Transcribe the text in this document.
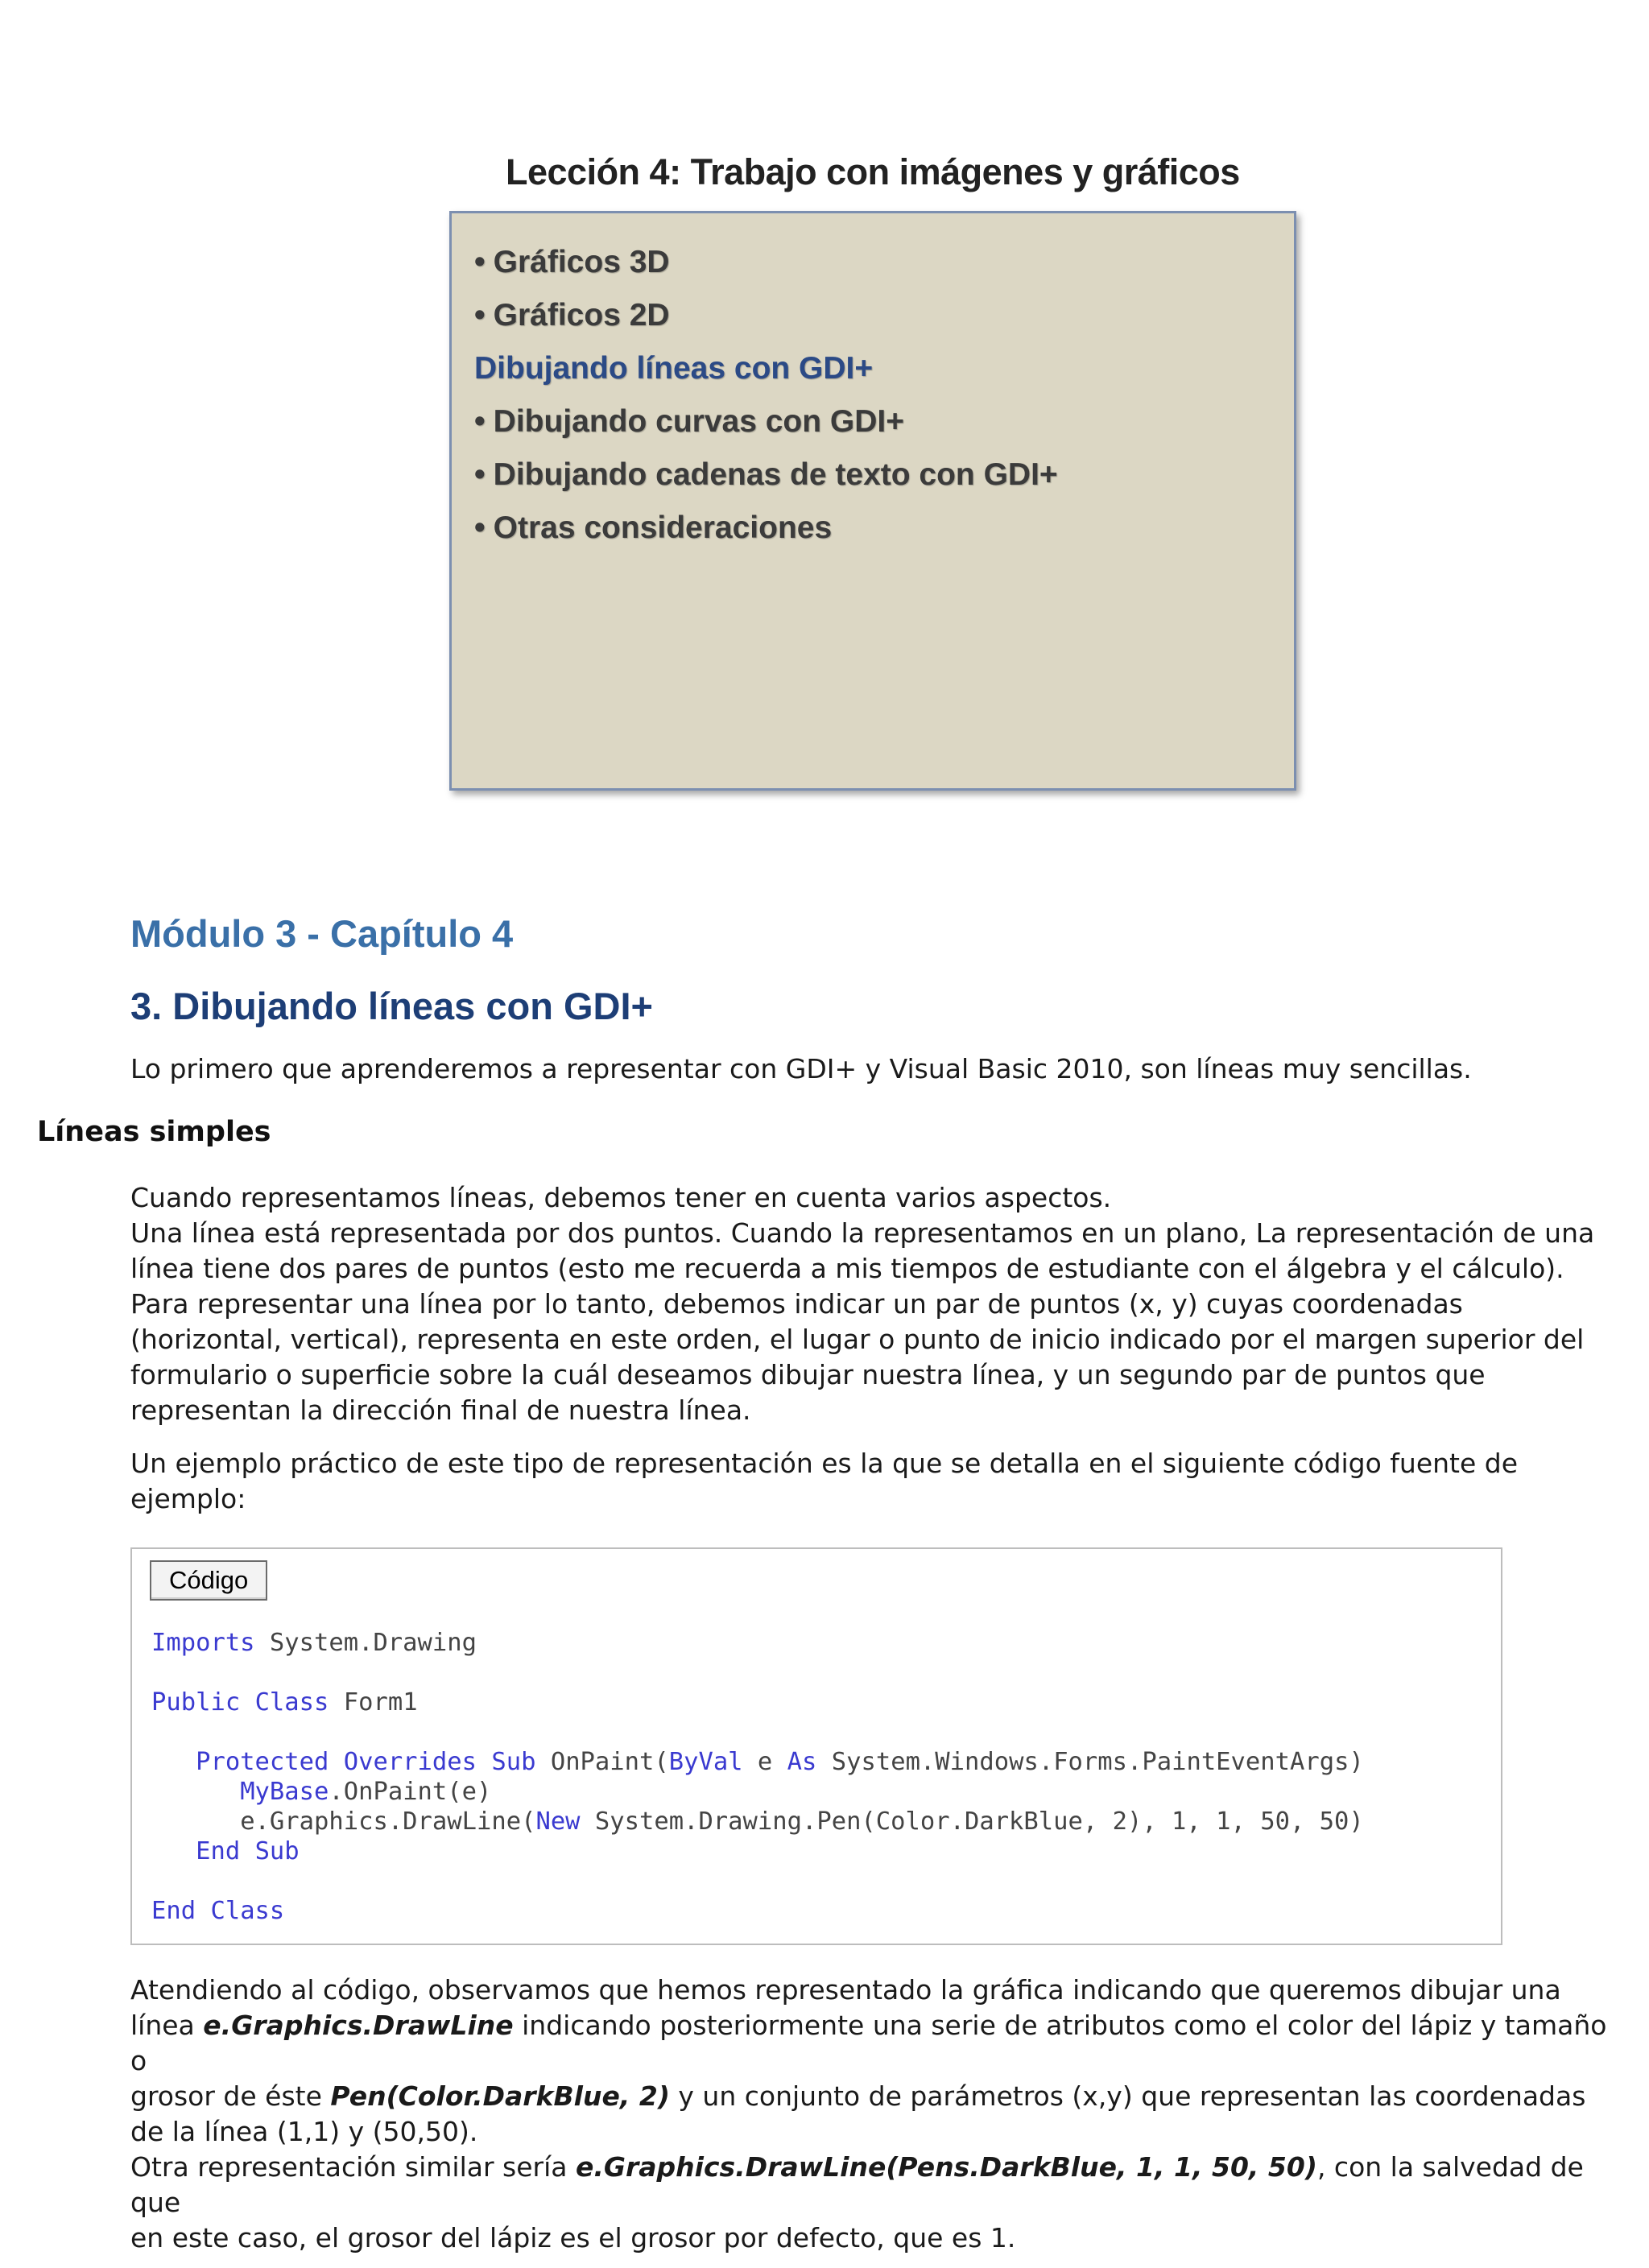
Lección 4: Trabajo con imágenes y gráficos
• Gráficos 3D
• Gráficos 2D
Dibujando líneas con GDI+
• Dibujando curvas con GDI+
• Dibujando cadenas de texto con GDI+
• Otras consideraciones
Módulo 3 - Capítulo 4
3. Dibujando líneas con GDI+

Lo primero que aprenderemos a representar con GDI+ y Visual Basic 2010, son líneas muy sencillas.

Líneas simples
Cuando representamos líneas, debemos tener en cuenta varios aspectos.
Una línea está representada por dos puntos. Cuando la representamos en un plano, La representación de una
línea tiene dos pares de puntos (esto me recuerda a mis tiempos de estudiante con el álgebra y el cálculo).
Para representar una línea por lo tanto, debemos indicar un par de puntos (x, y) cuyas coordenadas
(horizontal, vertical), representa en este orden, el lugar o punto de inicio indicado por el margen superior del
formulario o superficie sobre la cuál deseamos dibujar nuestra línea, y un segundo par de puntos que
representan la dirección final de nuestra línea.
Un ejemplo práctico de este tipo de representación es la que se detalla en el siguiente código fuente de
ejemplo:
Código
Imports System.Drawing

Public Class Form1

Protected Overrides Sub OnPaint(ByVal e As System.Windows.Forms.PaintEventArgs)
MyBase.OnPaint(e)
e.Graphics.DrawLine(New System.Drawing.Pen(Color.DarkBlue, 2), 1, 1, 50, 50)
End Sub

End Class
Atendiendo al código, observamos que hemos representado la gráfica indicando que queremos dibujar una
línea e.Graphics.DrawLine indicando posteriormente una serie de atributos como el color del lápiz y tamaño o
grosor de éste Pen(Color.DarkBlue, 2) y un conjunto de parámetros (x,y) que representan las coordenadas
de la línea (1,1) y (50,50).
Otra representación similar sería e.Graphics.DrawLine(Pens.DarkBlue, 1, 1, 50, 50), con la salvedad de que
en este caso, el grosor del lápiz es el grosor por defecto, que es 1.
